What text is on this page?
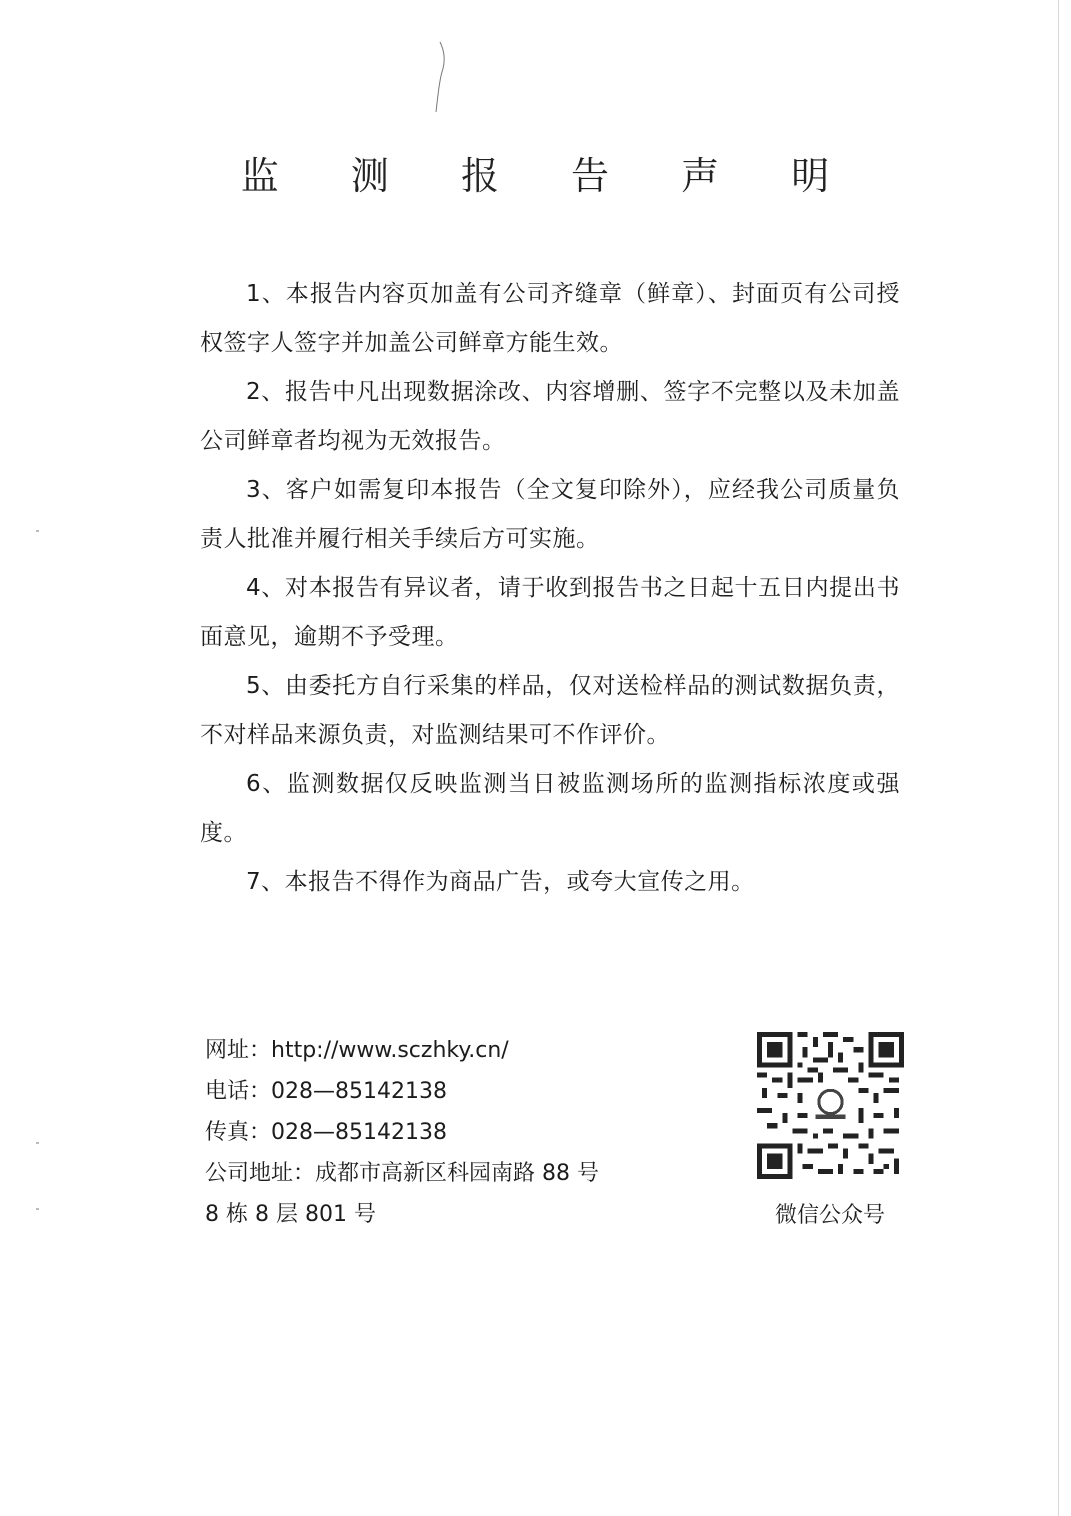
监 测 报 告 声 明

1、本报告内容页加盖有公司齐缝章（鲜章）、封面页有公司授权签字人签字并加盖公司鲜章方能生效。

2、报告中凡出现数据涂改、内容增删、签字不完整以及未加盖公司鲜章者均视为无效报告。

3、客户如需复印本报告（全文复印除外），应经我公司质量负责人批准并履行相关手续后方可实施。

4、对本报告有异议者，请于收到报告书之日起十五日内提出书面意见，逾期不予受理。

5、由委托方自行采集的样品，仅对送检样品的测试数据负责，不对样品来源负责，对监测结果可不作评价。

6、监测数据仅反映监测当日被监测场所的监测指标浓度或强度。

7、本报告不得作为商品广告，或夸大宣传之用。

网址：http://www.sczhky.cn/

电话：028—85142138

传真：028—85142138

公司地址：成都市高新区科园南路 88 号

8 栋 8 层 801 号	微信公众号
